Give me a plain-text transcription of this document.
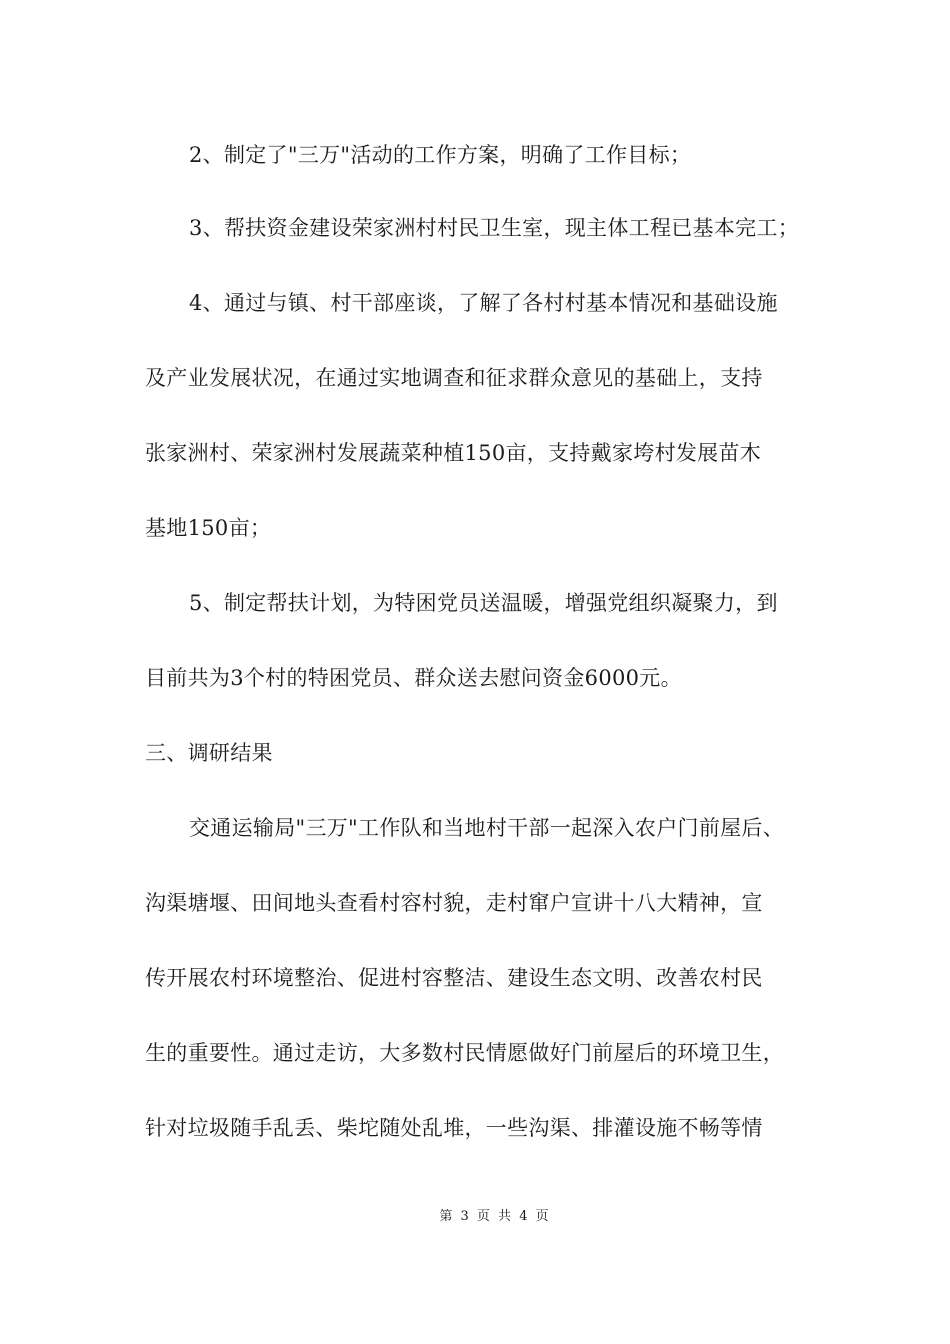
2、制定了"三万"活动的工作方案，明确了工作目标；
3、帮扶资金建设荣家洲村村民卫生室，现主体工程已基本完工；
4、通过与镇、村干部座谈，了解了各村村基本情况和基础设施
及产业发展状况，在通过实地调查和征求群众意见的基础上，支持
张家洲村、荣家洲村发展蔬菜种植150亩，支持戴家垮村发展苗木
基地150亩；
5、制定帮扶计划，为特困党员送温暖，增强党组织凝聚力，到
目前共为3个村的特困党员、群众送去慰问资金6000元。
三、调研结果
交通运输局"三万"工作队和当地村干部一起深入农户门前屋后、
沟渠塘堰、田间地头查看村容村貌，走村窜户宣讲十八大精神，宣
传开展农村环境整治、促进村容整洁、建设生态文明、改善农村民
生的重要性。通过走访，大多数村民情愿做好门前屋后的环境卫生，
针对垃圾随手乱丢、柴坨随处乱堆，一些沟渠、排灌设施不畅等情
第 3 页 共 4 页
